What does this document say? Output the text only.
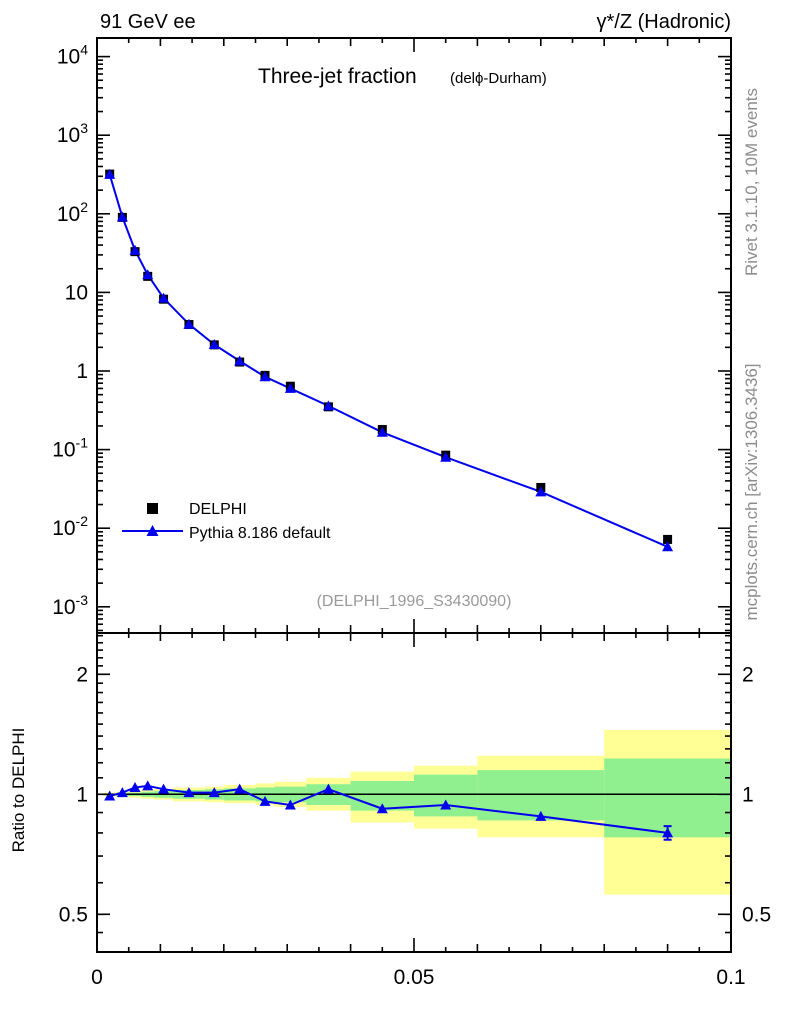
0	0.05	0.1
$10^4$
$10^3$
$10^2$
10
1
$10^{-1}$
$10^{-2}$
$10^{-3}$
2	2
1	1
0.5	0.5
91 GeV ee	γ*/Z (Hadronic)
Three-jet fraction (delϕ-Durham)
(DELPHI_1996_S3430090)
Rivet 3.1.10, 10M events
mcplots.cern.ch [arXiv:1306.3436]
Ratio to DELPHI
DELPHI
Pythia 8.186 default
